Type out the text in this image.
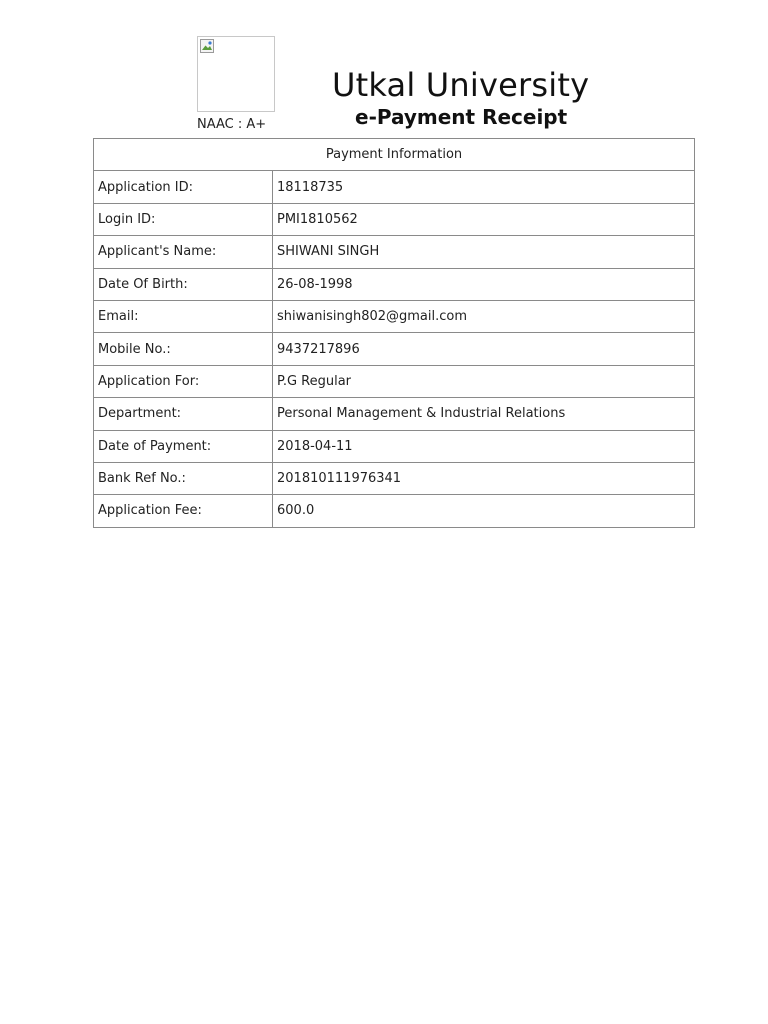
NAAC : A+
Utkal University
e-Payment Receipt
Payment Information	
Application ID:	18118735
Login ID:	PMI1810562
Applicant's Name:	SHIWANI SINGH
Date Of Birth:	26-08-1998
Email:	shiwanisingh802@gmail.com
Mobile No.:	9437217896
Application For:	P.G Regular
Department:	Personal Management & Industrial Relations
Date of Payment:	2018-04-11
Bank Ref No.:	201810111976341
Application Fee:	600.0
